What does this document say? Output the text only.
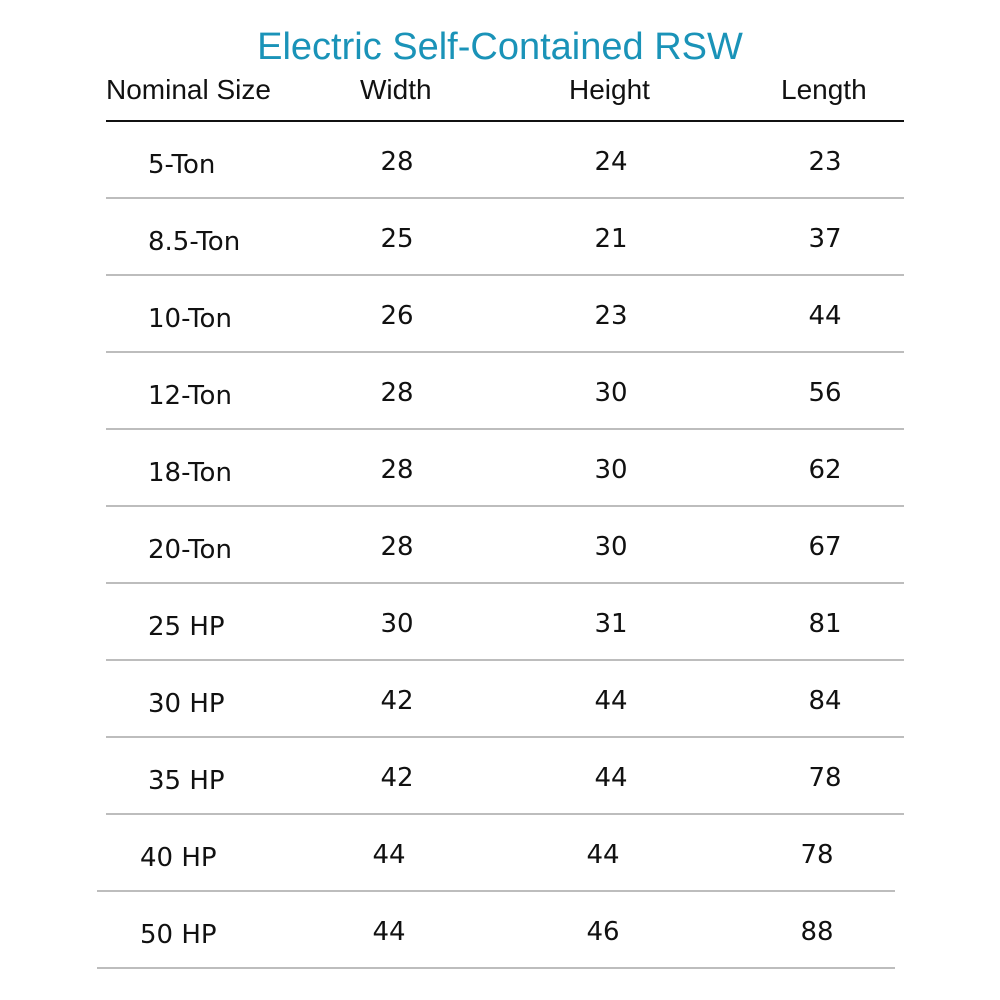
Electric Self-Contained RSW
Nominal Size	Width	Height	Length
5-Ton	28	24	23
8.5-Ton	25	21	37
10-Ton	26	23	44
12-Ton	28	30	56
18-Ton	28	30	62
20-Ton	28	30	67
25 HP	30	31	81
30 HP	42	44	84
35 HP	42	44	78
40 HP	44	44	78
50 HP	44	46	88
